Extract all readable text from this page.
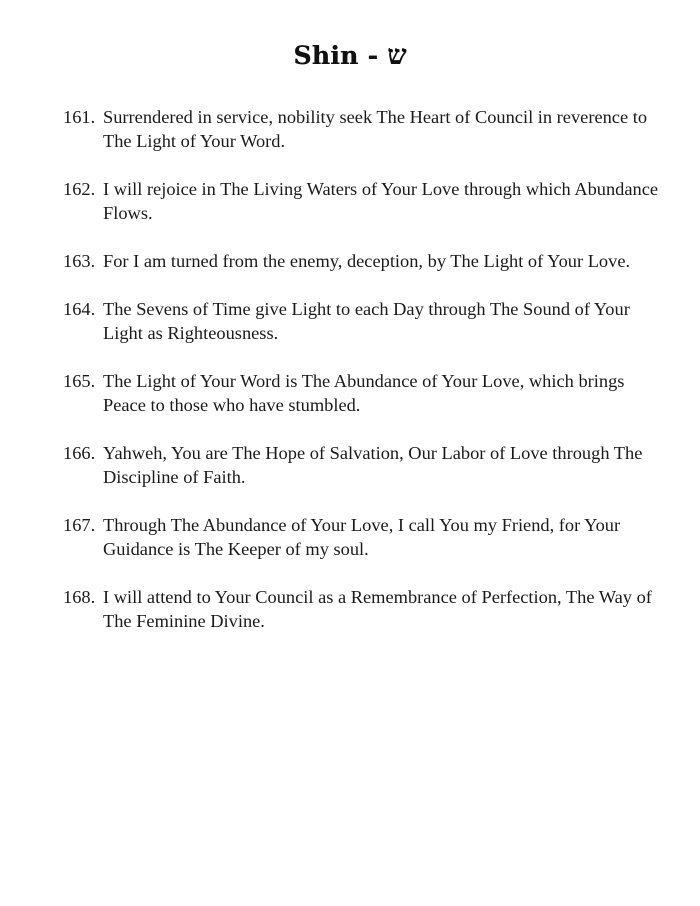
Shin - ש
161. Surrendered in service, nobility seek The Heart of Council in reverence to The Light of Your Word.
162. I will rejoice in The Living Waters of Your Love through which Abundance Flows.
163. For I am turned from the enemy, deception, by The Light of Your Love.
164. The Sevens of Time give Light to each Day through The Sound of Your Light as Righteousness.
165. The Light of Your Word is The Abundance of Your Love, which brings Peace to those who have stumbled.
166. Yahweh, You are The Hope of Salvation, Our Labor of Love through The Discipline of Faith.
167. Through The Abundance of Your Love, I call You my Friend, for Your Guidance is The Keeper of my soul.
168. I will attend to Your Council as a Remembrance of Perfection, The Way of The Feminine Divine.
